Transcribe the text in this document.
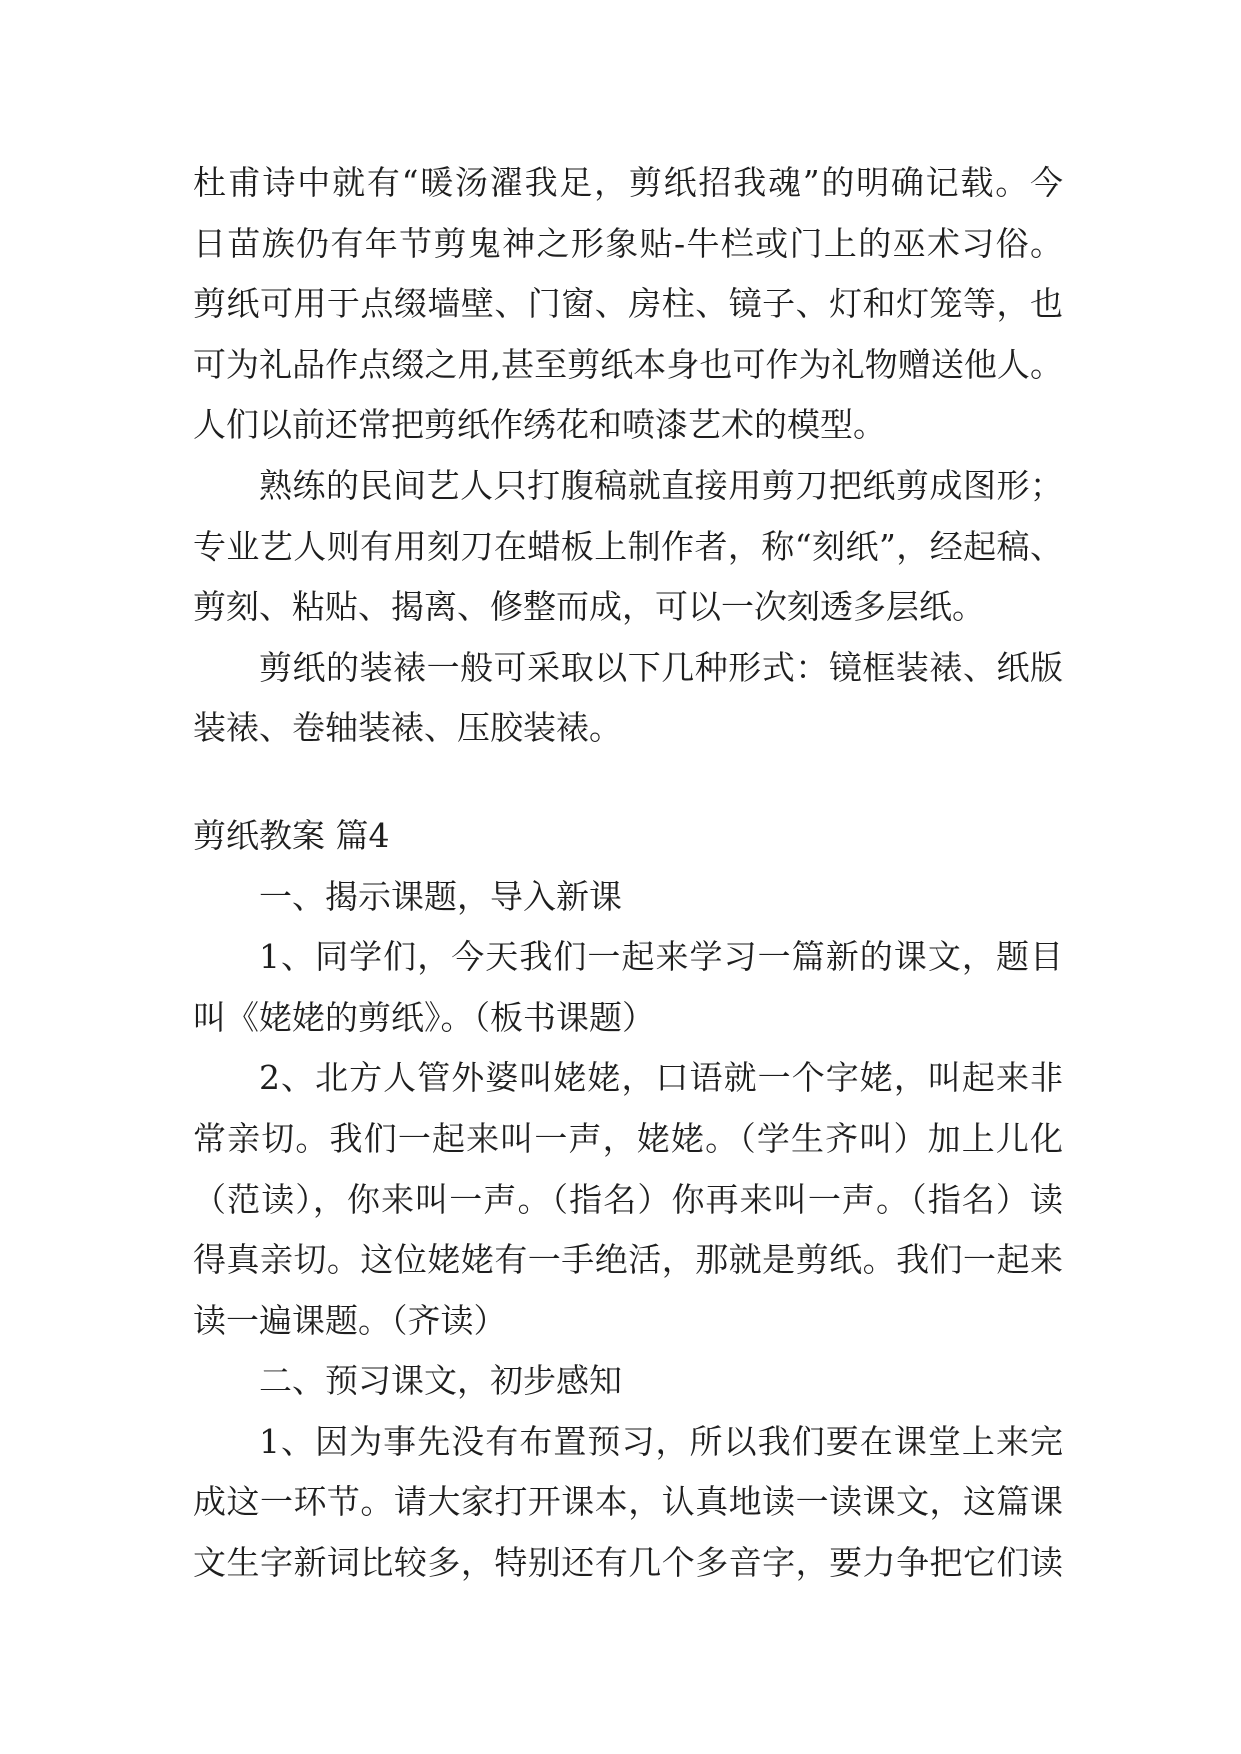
杜甫诗中就有“暖汤濯我足，剪纸招我魂”的明确记载。今
日苗族仍有年节剪鬼神之形象贴-牛栏或门上的巫术习俗。
剪纸可用于点缀墙壁、门窗、房柱、镜子、灯和灯笼等，也
可为礼品作点缀之用,甚至剪纸本身也可作为礼物赠送他人。
人们以前还常把剪纸作绣花和喷漆艺术的模型。
熟练的民间艺人只打腹稿就直接用剪刀把纸剪成图形；
专业艺人则有用刻刀在蜡板上制作者，称“刻纸”，经起稿、
剪刻、粘贴、揭离、修整而成，可以一次刻透多层纸。
剪纸的装裱一般可采取以下几种形式：镜框装裱、纸版
装裱、卷轴装裱、压胶装裱。
剪纸教案 篇4
一、揭示课题，导入新课
1、同学们，今天我们一起来学习一篇新的课文，题目
叫《姥姥的剪纸》。（板书课题）
2、北方人管外婆叫姥姥，口语就一个字姥，叫起来非
常亲切。我们一起来叫一声，姥姥。（学生齐叫）加上儿化
（范读），你来叫一声。（指名）你再来叫一声。（指名）读
得真亲切。这位姥姥有一手绝活，那就是剪纸。我们一起来
读一遍课题。（齐读）
二、预习课文，初步感知
1、因为事先没有布置预习，所以我们要在课堂上来完
成这一环节。请大家打开课本，认真地读一读课文，这篇课
文生字新词比较多，特别还有几个多音字，要力争把它们读
